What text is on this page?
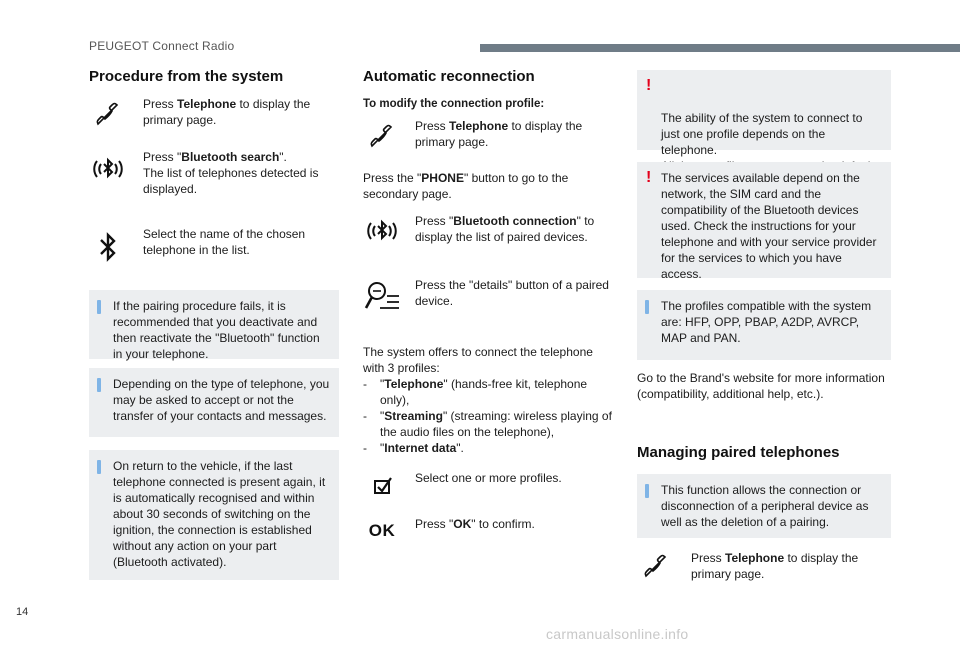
PEUGEOT Connect Radio
Procedure from the system
Press Telephone to display the primary page.
Press "Bluetooth search".
The list of telephones detected is displayed.
Select the name of the chosen telephone in the list.
If the pairing procedure fails, it is recommended that you deactivate and then reactivate the "Bluetooth" function in your telephone.
Depending on the type of telephone, you may be asked to accept or not the transfer of your contacts and messages.
On return to the vehicle, if the last telephone connected is present again, it is automatically recognised and within about 30 seconds of switching on the ignition, the connection is established without any action on your part (Bluetooth activated).
Automatic reconnection
To modify the connection profile:
Press Telephone to display the primary page.
Press the "PHONE" button to go to the secondary page.
Press "Bluetooth connection" to display the list of paired devices.
Press the "details" button of a paired device.
The system offers to connect the telephone with 3 profiles:
- "Telephone" (hands-free kit, telephone only),
- "Streaming" (streaming: wireless playing of the audio files on the telephone),
- "Internet data".
Select one or more profiles.
OK Press "OK" to confirm.

!

The ability of the system to connect to just one profile depends on the telephone.

! The services available depend on the network, the SIM card and the compatibility of the Bluetooth devices used. Check the instructions for your telephone and with your service provider for the services to which you have access.
The profiles compatible with the system are: HFP, OPP, PBAP, A2DP, AVRCP, MAP and PAN.
Go to the Brand's website for more information (compatibility, additional help, etc.).
Managing paired telephones
This function allows the connection or disconnection of a peripheral device as well as the deletion of a pairing.
Press Telephone to display the primary page.
14
carmanualsonline.info
